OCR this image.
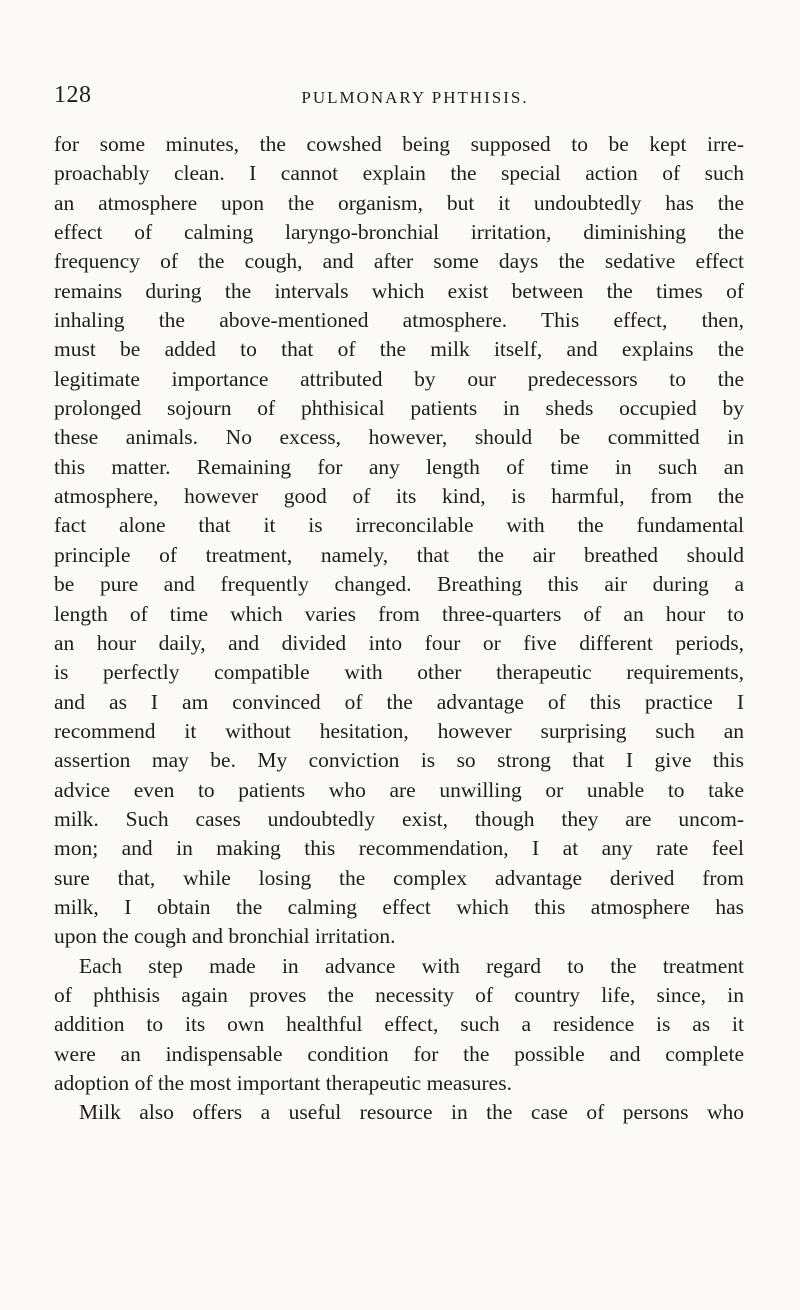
128	PULMONARY PHTHISIS.
for some minutes, the cowshed being supposed to be kept irre-
proachably clean. I cannot explain the special action of such
an atmosphere upon the organism, but it undoubtedly has the
effect of calming laryngo-bronchial irritation, diminishing the
frequency of the cough, and after some days the sedative effect
remains during the intervals which exist between the times of
inhaling the above-mentioned atmosphere. This effect, then,
must be added to that of the milk itself, and explains the
legitimate importance attributed by our predecessors to the
prolonged sojourn of phthisical patients in sheds occupied by
these animals. No excess, however, should be committed in
this matter. Remaining for any length of time in such an
atmosphere, however good of its kind, is harmful, from the
fact alone that it is irreconcilable with the fundamental
principle of treatment, namely, that the air breathed should
be pure and frequently changed. Breathing this air during a
length of time which varies from three-quarters of an hour to
an hour daily, and divided into four or five different periods,
is perfectly compatible with other therapeutic requirements,
and as I am convinced of the advantage of this practice I
recommend it without hesitation, however surprising such an
assertion may be. My conviction is so strong that I give this
advice even to patients who are unwilling or unable to take
milk. Such cases undoubtedly exist, though they are uncom-
mon; and in making this recommendation, I at any rate feel
sure that, while losing the complex advantage derived from
milk, I obtain the calming effect which this atmosphere has
upon the cough and bronchial irritation.
Each step made in advance with regard to the treatment
of phthisis again proves the necessity of country life, since, in
addition to its own healthful effect, such a residence is as it
were an indispensable condition for the possible and complete
adoption of the most important therapeutic measures.
Milk also offers a useful resource in the case of persons who
